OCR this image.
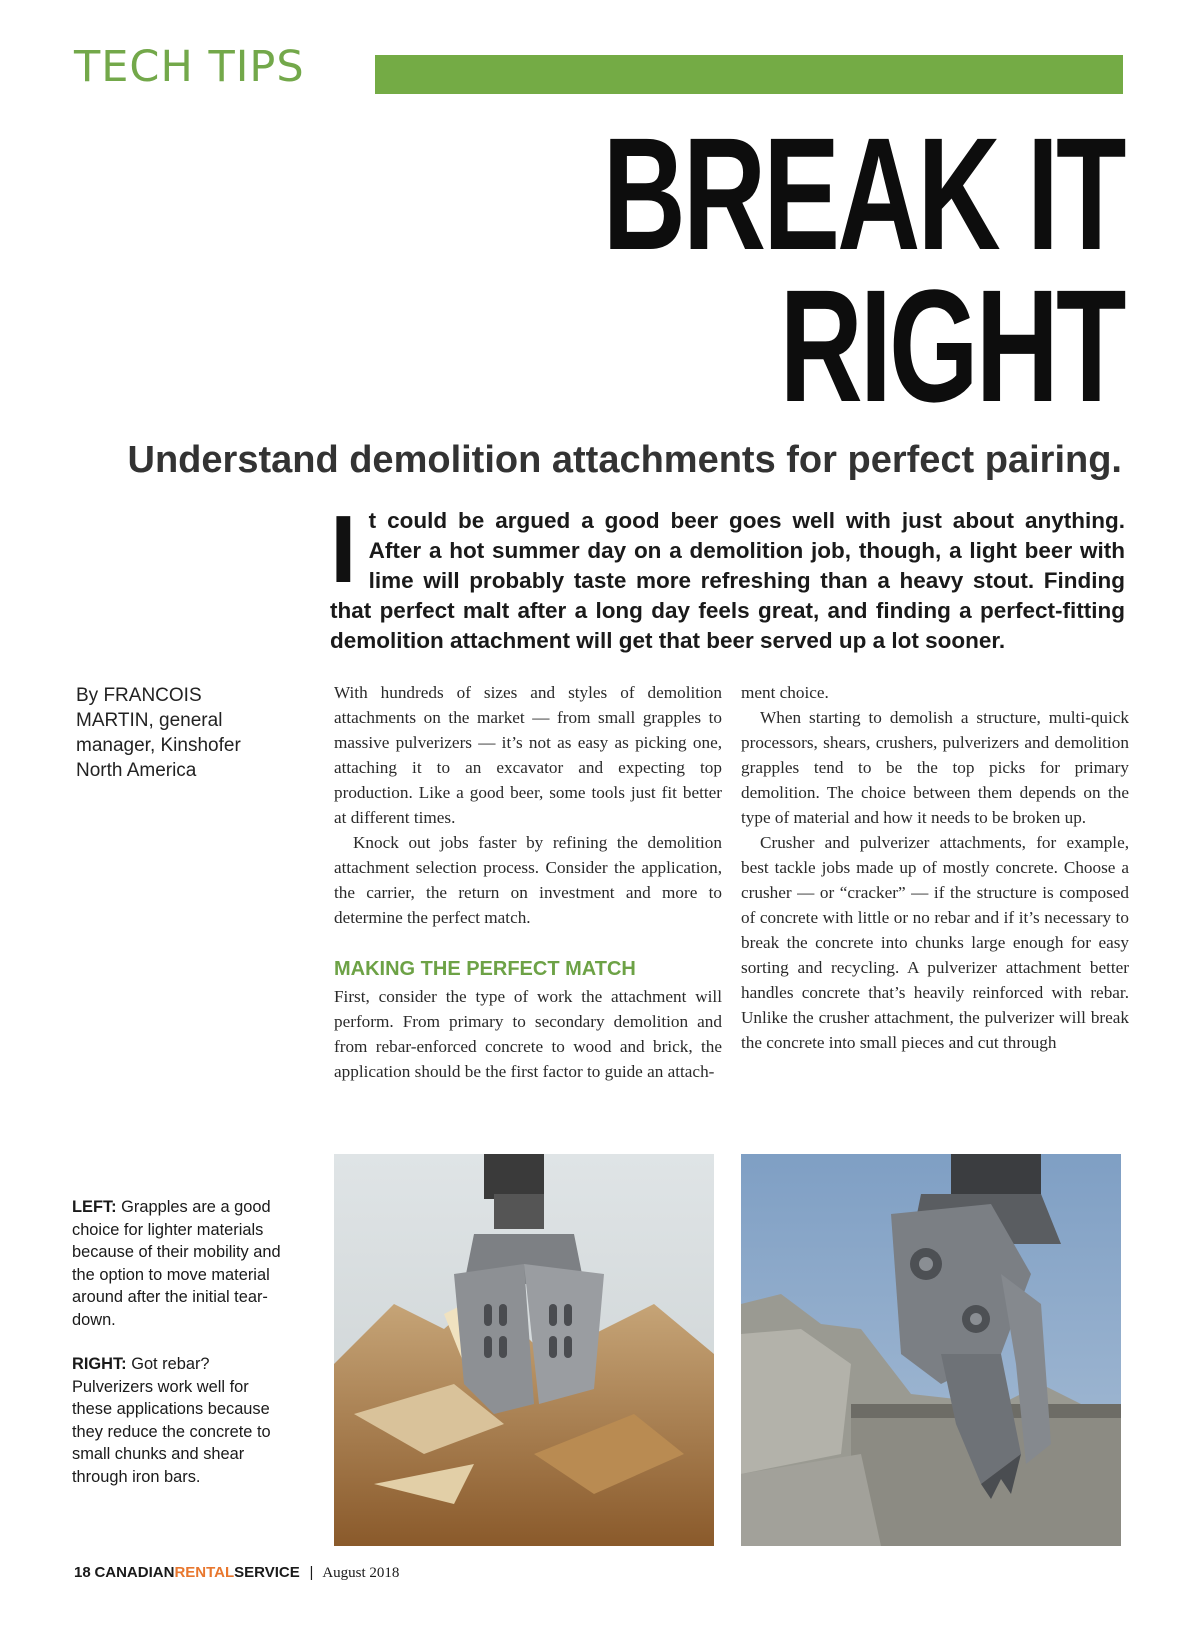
TECH TIPS
BREAK IT
RIGHT
Understand demolition attachments for perfect pairing.
It could be argued a good beer goes well with just about anything. After a hot summer day on a demolition job, though, a light beer with lime will probably taste more refreshing than a heavy stout. Finding that perfect malt after a long day feels great, and finding a perfect-fitting demolition attachment will get that beer served up a lot sooner.
By FRANCOIS MARTIN, general manager, Kinshofer North America

With hundreds of sizes and styles of demolition attachments on the market — from small grapples to massive pulverizers — it’s not as easy as picking one, attaching it to an excavator and expecting top production. Like a good beer, some tools just fit better at different times.

Knock out jobs faster by refining the demolition attachment selection process. Consider the application, the carrier, the return on investment and more to determine the perfect match.

MAKING THE PERFECT MATCH

First, consider the type of work the attachment will perform. From primary to secondary demolition and from rebar-enforced concrete to wood and brick, the application should be the first factor to guide an attach-

ment choice.

When starting to demolish a structure, multi-quick processors, shears, crushers, pulverizers and demolition grapples tend to be the top picks for primary demolition. The choice between them depends on the type of material and how it needs to be broken up.

Crusher and pulverizer attachments, for example, best tackle jobs made up of mostly concrete. Choose a crusher — or “cracker” — if the structure is composed of concrete with little or no rebar and if it’s necessary to break the concrete into chunks large enough for easy sorting and recycling. A pulverizer attachment better handles concrete that’s heavily reinforced with rebar. Unlike the crusher attachment, the pulverizer will break the concrete into small pieces and cut through

LEFT: Grapples are a good choice for lighter materials because of their mobility and the option to move material around after the initial tear-down.

RIGHT: Got rebar? Pulverizers work well for these applications because they reduce the concrete to small chunks and shear through iron bars.

18 CANADIANRENTALSERVICE | August 2018
